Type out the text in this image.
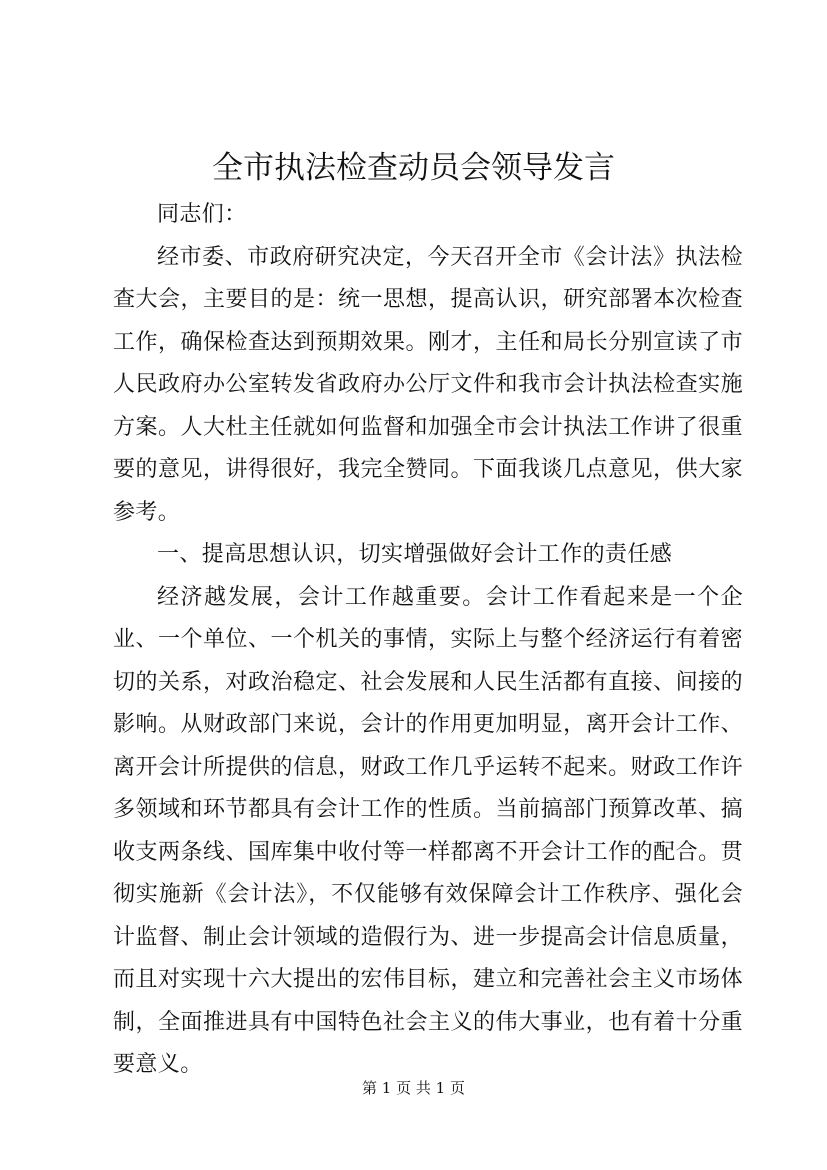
全市执法检查动员会领导发言

同志们：

经市委、市政府研究决定，今天召开全市《会计法》执法检查大会，主要目的是：统一思想，提高认识，研究部署本次检查工作，确保检查达到预期效果。刚才，主任和局长分别宣读了市人民政府办公室转发省政府办公厅文件和我市会计执法检查实施方案。人大杜主任就如何监督和加强全市会计执法工作讲了很重要的意见，讲得很好，我完全赞同。下面我谈几点意见，供大家参考。

一、提高思想认识，切实增强做好会计工作的责任感

经济越发展，会计工作越重要。会计工作看起来是一个企业、一个单位、一个机关的事情，实际上与整个经济运行有着密切的关系，对政治稳定、社会发展和人民生活都有直接、间接的影响。从财政部门来说，会计的作用更加明显，离开会计工作、离开会计所提供的信息，财政工作几乎运转不起来。财政工作许多领域和环节都具有会计工作的性质。当前搞部门预算改革、搞收支两条线、国库集中收付等一样都离不开会计工作的配合。贯彻实施新《会计法》，不仅能够有效保障会计工作秩序、强化会计监督、制止会计领域的造假行为、进一步提高会计信息质量，而且对实现十六大提出的宏伟目标，建立和完善社会主义市场体制，全面推进具有中国特色社会主义的伟大事业，也有着十分重要意义。

第 1 页 共 1 页
